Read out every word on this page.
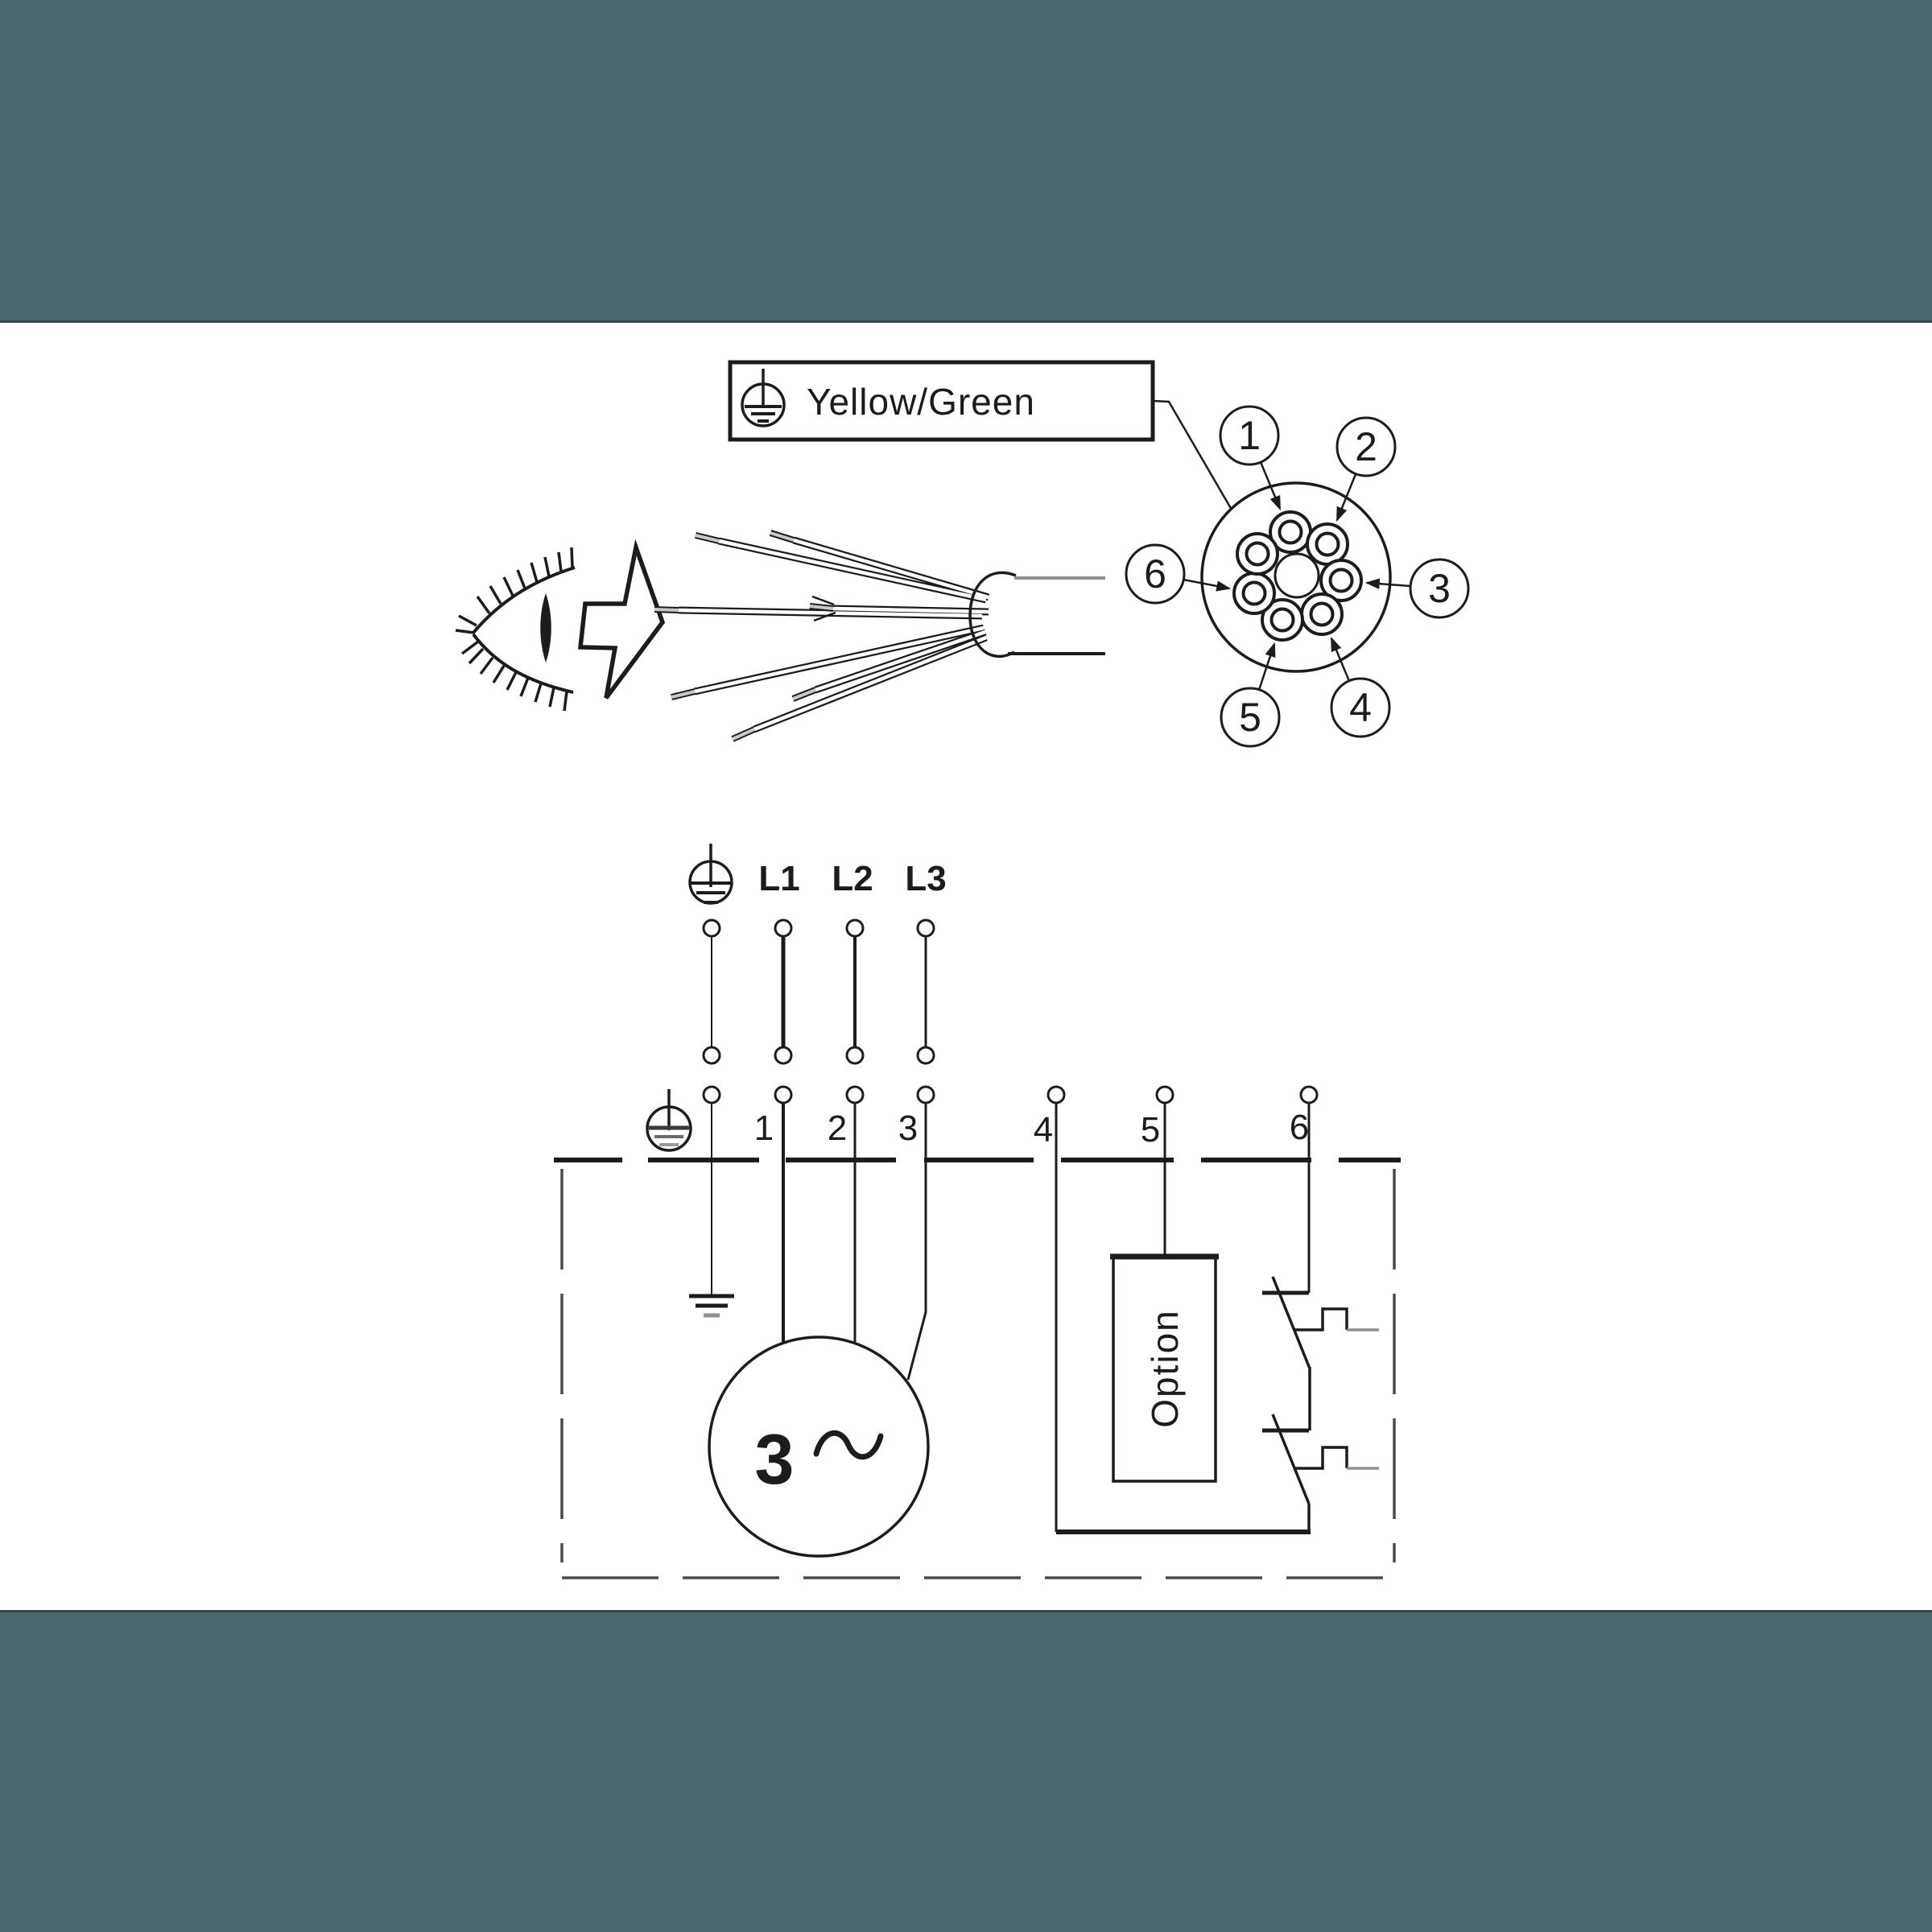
Yellow/Green
1 2
3
4
5
6
L1 L2 L3
1 2 3	4 5	6
3
Option
